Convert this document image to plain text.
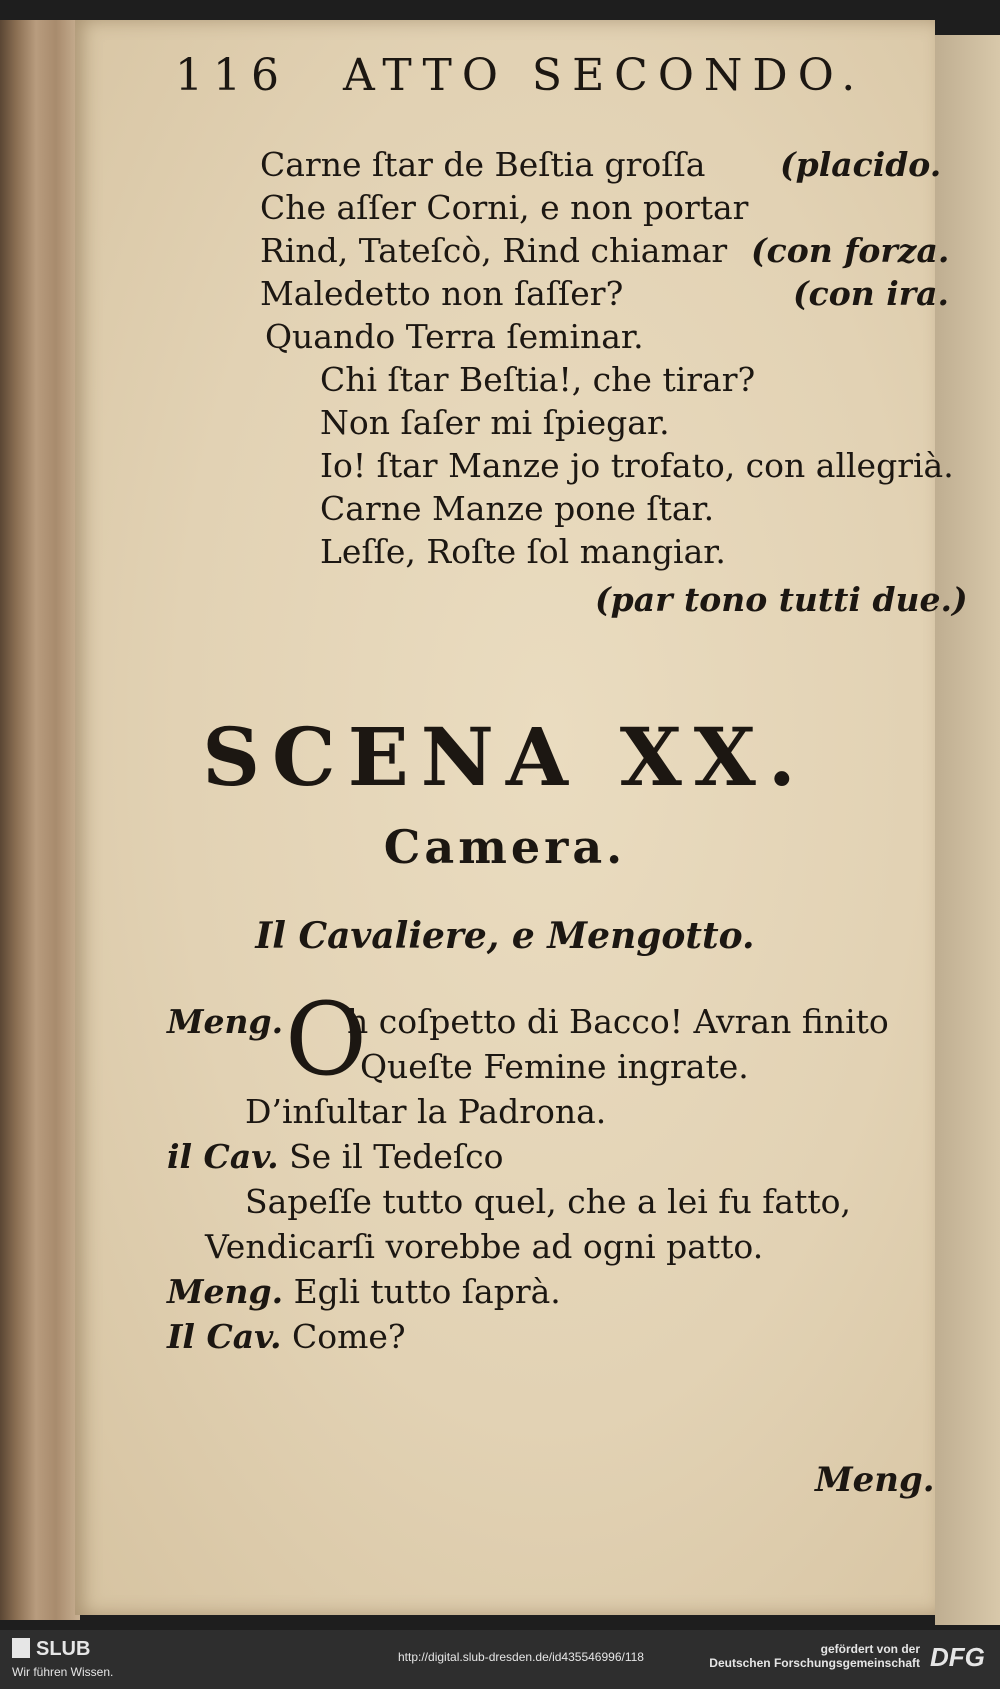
116 ATTO SECONDO.
Carne ſtar de Beſtia groſſa (placido.
Che aſſer Corni, e non portar
Rind, Tateſcò, Rind chiamar (con forza.
Maledetto non ſaſſer?	(con ira.
Quando Terra ſeminar.
Chi ſtar Beſtia!, che tirar?
Non ſaſer mi ſpiegar.
Io! ſtar Manze jo trofato, con allegrià.
Carne Manze pone ſtar.
Leſſe, Roſte ſol mangiar.
(par tono tutti due.)
SCENA XX.
Camera.
Il Cavaliere, e Mengotto.
Meng. O
h coſpetto di Bacco! Avran finito
Queſte Femine ingrate.
D’inſultar la Padrona.
il Cav. Se il Tedeſco
Sapeſſe tutto quel, che a lei fu fatto,
Vendicarſi vorebbe ad ogni patto.
Meng. Egli tutto ſaprà.
Il Cav. Come?
Meng.
SLUB
Wir führen Wissen.
http://digital.slub-dresden.de/id435546996/118
gefördert von der
Deutschen Forschungsgemeinschaft DFG
